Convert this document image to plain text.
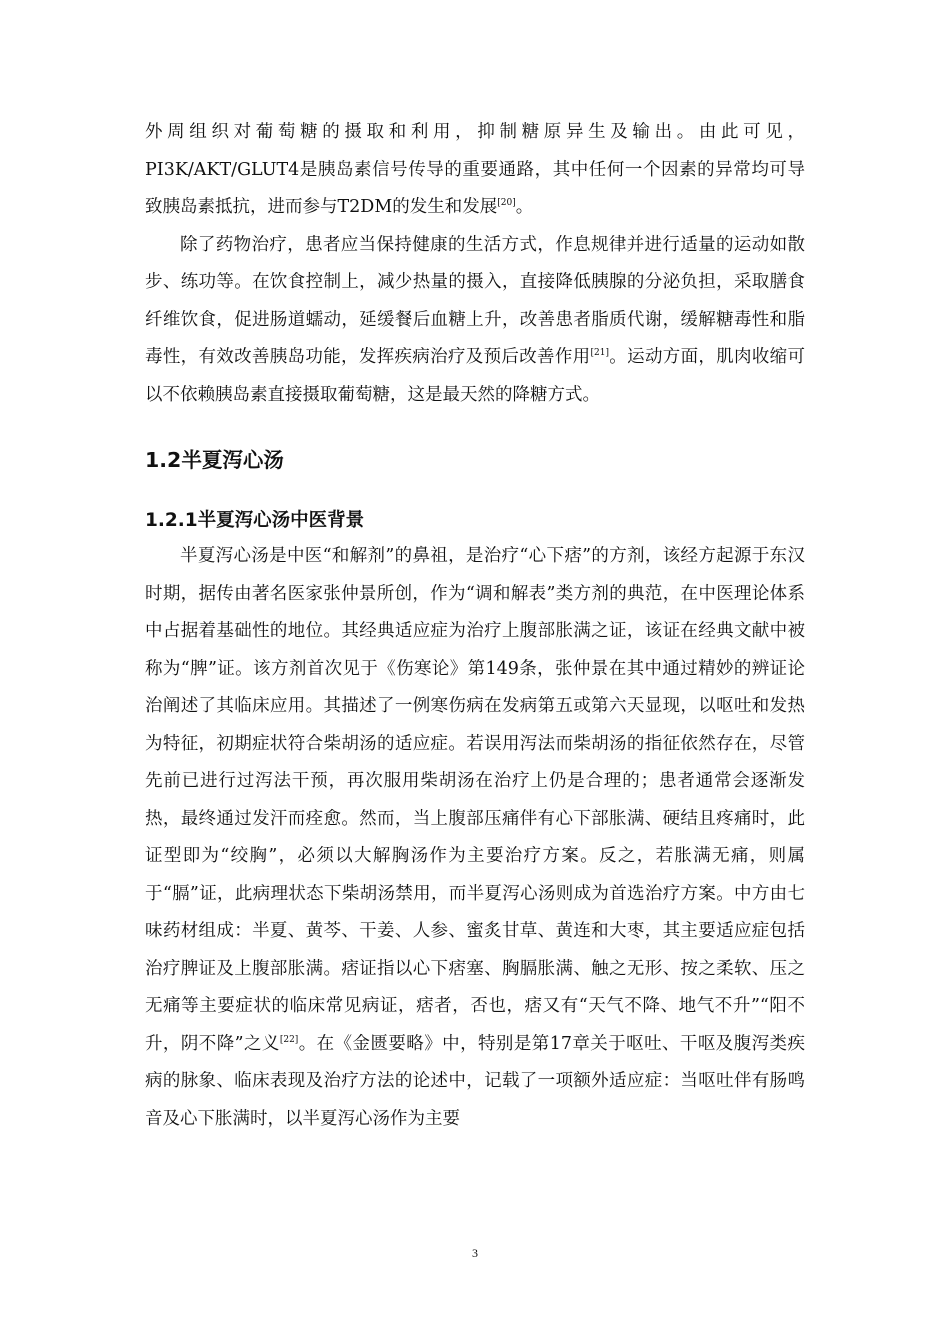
外周组织对葡萄糖的摄取和利用，抑制糖原异生及输出。由此可见，PI3K/AKT/GLUT4是胰岛素信号传导的重要通路，其中任何一个因素的异常均可导致胰岛素抵抗，进而参与T2DM的发生和发展[20]。

除了药物治疗，患者应当保持健康的生活方式，作息规律并进行适量的运动如散步、练功等。在饮食控制上，减少热量的摄入，直接降低胰腺的分泌负担，采取膳食纤维饮食，促进肠道蠕动，延缓餐后血糖上升，改善患者脂质代谢，缓解糖毒性和脂毒性，有效改善胰岛功能，发挥疾病治疗及预后改善作用[21]。运动方面，肌肉收缩可以不依赖胰岛素直接摄取葡萄糖，这是最天然的降糖方式。

1.2半夏泻心汤
1.2.1半夏泻心汤中医背景

半夏泻心汤是中医“和解剂”的鼻祖，是治疗“心下痞”的方剂，该经方起源于东汉时期，据传由著名医家张仲景所创，作为“调和解表”类方剂的典范，在中医理论体系中占据着基础性的地位。其经典适应症为治疗上腹部胀满之证，该证在经典文献中被称为“脾”证。该方剂首次见于《伤寒论》第149条，张仲景在其中通过精妙的辨证论治阐述了其临床应用。其描述了一例寒伤病在发病第五或第六天显现，以呕吐和发热为特征，初期症状符合柴胡汤的适应症。若误用泻法而柴胡汤的指征依然存在，尽管先前已进行过泻法干预，再次服用柴胡汤在治疗上仍是合理的；患者通常会逐渐发热，最终通过发汗而痊愈。然而，当上腹部压痛伴有心下部胀满、硬结且疼痛时，此证型即为“绞胸”，必须以大解胸汤作为主要治疗方案。反之，若胀满无痛，则属于“膈”证，此病理状态下柴胡汤禁用，而半夏泻心汤则成为首选治疗方案。中方由七味药材组成：半夏、黄芩、干姜、人参、蜜炙甘草、黄连和大枣，其主要适应症包括治疗脾证及上腹部胀满。痞证指以心下痞塞、胸膈胀满、触之无形、按之柔软、压之无痛等主要症状的临床常见病证，痞者，否也，痞又有“天气不降、地气不升”“阳不升，阴不降”之义[22]。在《金匮要略》中，特别是第17章关于呕吐、干呕及腹泻类疾病的脉象、临床表现及治疗方法的论述中，记载了一项额外适应症：当呕吐伴有肠鸣音及心下胀满时，以半夏泻心汤作为主要

3
